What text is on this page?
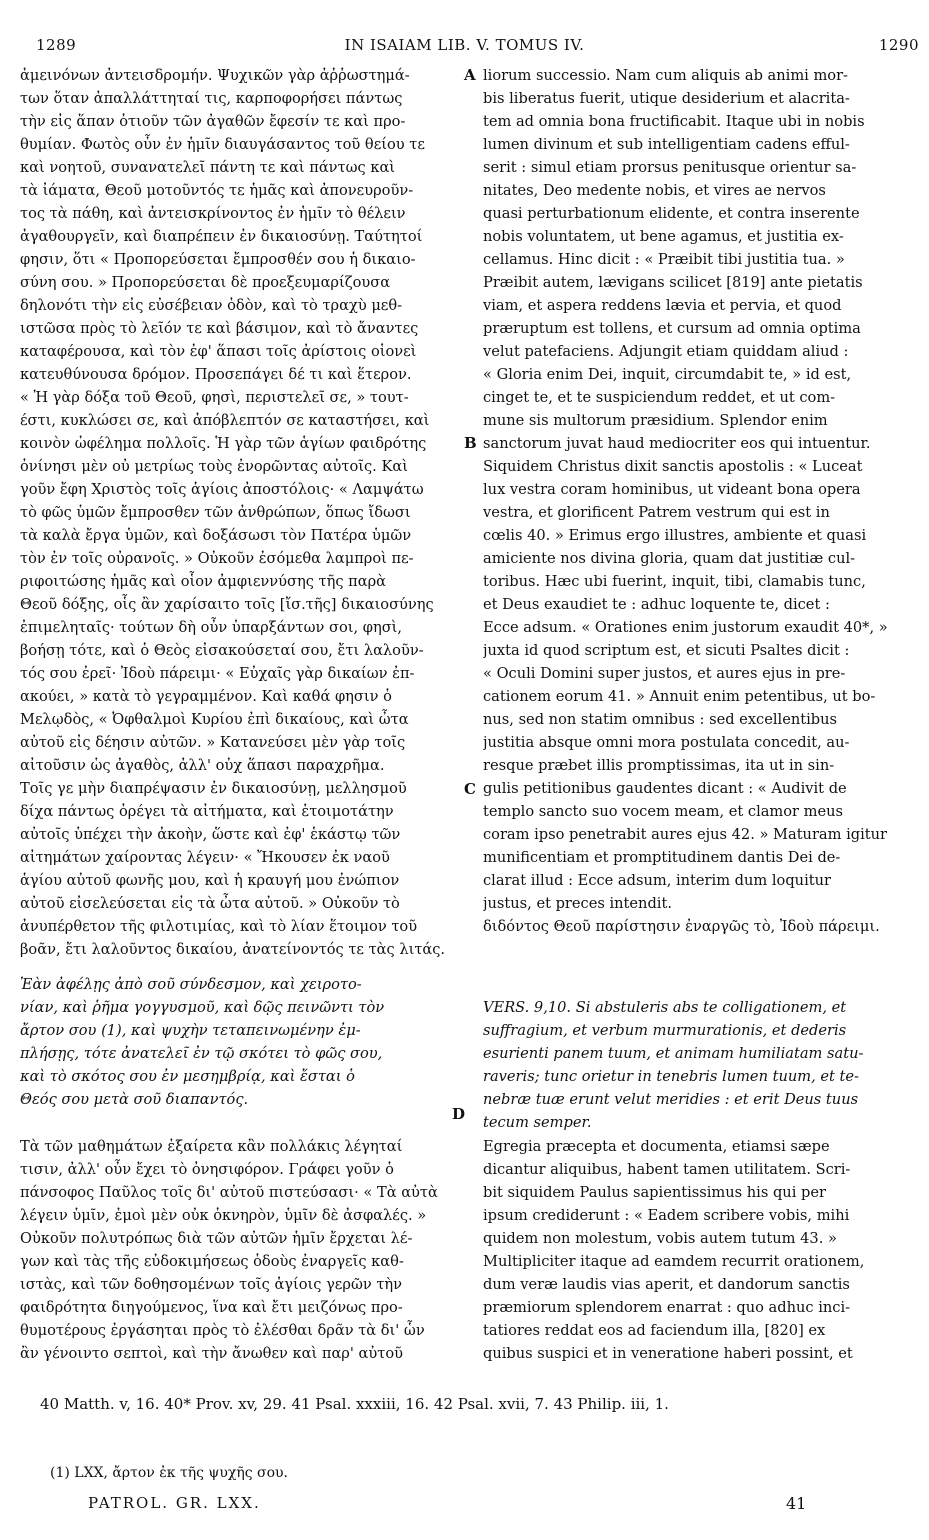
1289	IN ISAIAM LIB. V. TOMUS IV.	1290
A
B
C
D
ἀμεινόνων ἀντεισδρομήν. Ψυχικῶν γὰρ ἀῤῥωστημά-
των ὅταν ἀπαλλάττηταί τις, καρποφορήσει πάντως
τὴν εἰς ἅπαν ὁτιοῦν τῶν ἀγαθῶν ἔφεσίν τε καὶ προ-
θυμίαν. Φωτὸς οὖν ἐν ἡμῖν διαυγάσαντος τοῦ θείου τε
καὶ νοητοῦ, συνανατελεῖ πάντη τε καὶ πάντως καὶ
τὰ ἰάματα, Θεοῦ μοτοῦντός τε ἡμᾶς καὶ ἀπονευροῦν-
τος τὰ πάθη, καὶ ἀντεισκρίνοντος ἐν ἡμῖν τὸ θέλειν
ἀγαθουργεῖν, καὶ διαπρέπειν ἐν δικαιοσύνῃ. Ταύτητοί
φησιν, ὅτι « Προπορεύσεται ἔμπροσθέν σου ἡ δικαιο-
σύνη σου. » Προπορεύσεται δὲ προεξευμαρίζουσα
δηλονότι τὴν εἰς εὐσέβειαν ὁδὸν, καὶ τὸ τραχὺ μεθ-
ιστῶσα πρὸς τὸ λεῖόν τε καὶ βάσιμον, καὶ τὸ ἄναντες
καταφέρουσα, καὶ τὸν ἐφ' ἅπασι τοῖς ἀρίστοις οἱονεὶ
κατευθύνουσα δρόμον. Προσεπάγει δέ τι καὶ ἕτερον.
« Ἡ γὰρ δόξα τοῦ Θεοῦ, φησὶ, περιστελεῖ σε, » τουτ-
έστι, κυκλώσει σε, καὶ ἀπόβλεπτόν σε καταστήσει, καὶ
κοινὸν ὠφέλημα πολλοῖς. Ἡ γὰρ τῶν ἁγίων φαιδρότης
ὀνίνησι μὲν οὐ μετρίως τοὺς ἐνορῶντας αὐτοῖς. Καὶ
γοῦν ἔφη Χριστὸς τοῖς ἁγίοις ἀποστόλοις· « Λαμψάτω
τὸ φῶς ὑμῶν ἔμπροσθεν τῶν ἀνθρώπων, ὅπως ἴδωσι
τὰ καλὰ ἔργα ὑμῶν, καὶ δοξάσωσι τὸν Πατέρα ὑμῶν
τὸν ἐν τοῖς οὐρανοῖς. » Οὐκοῦν ἐσόμεθα λαμπροὶ πε-
ριφοιτώσης ἡμᾶς καὶ οἷον ἀμφιεννύσης τῆς παρὰ
Θεοῦ δόξης, οἷς ἂν χαρίσαιτο τοῖς [ἴσ.τῆς] δικαιοσύνης
ἐπιμεληταῖς· τούτων δὴ οὖν ὑπαρξάντων σοι, φησὶ,
βοήσῃ τότε, καὶ ὁ Θεὸς εἰσακούσεταί σου, ἔτι λαλοῦν-
τός σου ἐρεῖ· Ἰδοὺ πάρειμι· « Εὐχαῖς γὰρ δικαίων ἐπ-
ακούει, » κατὰ τὸ γεγραμμένον. Καὶ καθά φησιν ὁ
Μελῳδὸς, « Ὀφθαλμοὶ Κυρίου ἐπὶ δικαίους, καὶ ὦτα
αὐτοῦ εἰς δέησιν αὐτῶν. » Κατανεύσει μὲν γὰρ τοῖς
αἰτοῦσιν ὡς ἀγαθὸς, ἀλλ' οὐχ ἅπασι παραχρῆμα.
Τοῖς γε μὴν διαπρέψασιν ἐν δικαιοσύνῃ, μελλησμοῦ
δίχα πάντως ὀρέγει τὰ αἰτήματα, καὶ ἑτοιμοτάτην
αὐτοῖς ὑπέχει τὴν ἀκοὴν, ὥστε καὶ ἐφ' ἑκάστῳ τῶν
αἰτημάτων χαίροντας λέγειν· « Ἤκουσεν ἐκ ναοῦ
ἁγίου αὐτοῦ φωνῆς μου, καὶ ἡ κραυγή μου ἐνώπιον
αὐτοῦ εἰσελεύσεται εἰς τὰ ὦτα αὐτοῦ. » Οὐκοῦν τὸ
ἀνυπέρθετον τῆς φιλοτιμίας, καὶ τὸ λίαν ἕτοιμον τοῦ
liorum successio. Nam cum aliquis ab animi mor-
bis liberatus fuerit, utique desiderium et alacrita-
tem ad omnia bona fructificabit. Itaque ubi in nobis
lumen divinum et sub intelligentiam cadens efful-
serit : simul etiam prorsus penitusque orientur sa-
nitates, Deo medente nobis, et vires ae nervos
quasi perturbationum elidente, et contra inserente
nobis voluntatem, ut bene agamus, et justitia ex-
cellamus. Hinc dicit : « Præibit tibi justitia tua. »
Præibit autem, lævigans scilicet [819] ante pietatis
viam, et aspera reddens lævia et pervia, et quod
præruptum est tollens, et cursum ad omnia optima
velut patefaciens. Adjungit etiam quiddam aliud :
« Gloria enim Dei, inquit, circumdabit te, » id est,
cinget te, et te suspiciendum reddet, et ut com-
mune sis multorum præsidium. Splendor enim
sanctorum juvat haud mediocriter eos qui intuentur.
Siquidem Christus dixit sanctis apostolis : « Luceat
lux vestra coram hominibus, ut videant bona opera
vestra, et glorificent Patrem vestrum qui est in
cœlis 40. » Erimus ergo illustres, ambiente et quasi
amiciente nos divina gloria, quam dat justitiæ cul-
toribus. Hæc ubi fuerint, inquit, tibi, clamabis tunc,
et Deus exaudiet te : adhuc loquente te, dicet :
Ecce adsum. « Orationes enim justorum exaudit 40*, »
juxta id quod scriptum est, et sicuti Psaltes dicit :
« Oculi Domini super justos, et aures ejus in pre-
cationem eorum 41. » Annuit enim petentibus, ut bo-
nus, sed non statim omnibus : sed excellentibus
justitia absque omni mora postulata concedit, au-
resque præbet illis promptissimas, ita ut in sin-
gulis petitionibus gaudentes dicant : « Audivit de
templo sancto suo vocem meam, et clamor meus
coram ipso penetrabit aures ejus 42. » Maturam igitur
munificentiam et promptitudinem dantis Dei de-
clarat illud : Ecce adsum, interim dum loquitur
justus, et preces intendit.
βοᾶν, ἔτι λαλοῦντος δικαίου, ἀνατείνοντός τε τὰς λιτάς.
διδόντος Θεοῦ παρίστησιν ἐναργῶς τὸ, Ἰδοὺ πάρειμι.
Ἐὰν ἀφέλῃς ἀπὸ σοῦ σύνδεσμον, καὶ χειροτο-
νίαν, καὶ ῥῆμα γογγυσμοῦ, καὶ δῷς πεινῶντι τὸν
ἄρτον σου (1), καὶ ψυχὴν τεταπεινωμένην ἐμ-
πλήσῃς, τότε ἀνατελεῖ ἐν τῷ σκότει τὸ φῶς σου,
καὶ τὸ σκότος σου ἐν μεσημβρίᾳ, καὶ ἔσται ὁ
Θεός σου μετὰ σοῦ διαπαντός.
VERS. 9,10. Si abstuleris abs te colligationem, et
suffragium, et verbum murmurationis, et dederis
esurienti panem tuum, et animam humiliatam satu-
raveris; tunc orietur in tenebris lumen tuum, et te-
nebræ tuæ erunt velut meridies : et erit Deus tuus
tecum semper.
Τὰ τῶν μαθημάτων ἐξαίρετα κἂν πολλάκις λέγηταί
τισιν, ἀλλ' οὖν ἔχει τὸ ὀνησιφόρον. Γράφει γοῦν ὁ
πάνσοφος Παῦλος τοῖς δι' αὐτοῦ πιστεύσασι· « Τὰ αὐτὰ
λέγειν ὑμῖν, ἐμοὶ μὲν οὐκ ὀκνηρὸν, ὑμῖν δὲ ἀσφαλές. »
Οὐκοῦν πολυτρόπως διὰ τῶν αὐτῶν ἡμῖν ἔρχεται λέ-
γων καὶ τὰς τῆς εὐδοκιμήσεως ὁδοὺς ἐναργεῖς καθ-
ιστὰς, καὶ τῶν δοθησομένων τοῖς ἁγίοις γερῶν τὴν
φαιδρότητα διηγούμενος, ἵνα καὶ ἔτι μειζόνως προ-
θυμοτέρους ἐργάσηται πρὸς τὸ ἐλέσθαι δρᾶν τὰ δι' ὧν
ἂν γένοιντο σεπτοὶ, καὶ τὴν ἄνωθεν καὶ παρ' αὐτοῦ
Egregia præcepta et documenta, etiamsi sæpe
dicantur aliquibus, habent tamen utilitatem. Scri-
bit siquidem Paulus sapientissimus his qui per
ipsum crediderunt : « Eadem scribere vobis, mihi
quidem non molestum, vobis autem tutum 43. »
Multipliciter itaque ad eamdem recurrit orationem,
dum veræ laudis vias aperit, et dandorum sanctis
præmiorum splendorem enarrat : quo adhuc inci-
tatiores reddat eos ad faciendum illa, [820] ex
quibus suspici et in veneratione haberi possint, et
40 Matth. v, 16. 40* Prov. xv, 29. 41 Psal. xxxiii, 16. 42 Psal. xvii, 7. 43 Philip. iii, 1.
(1) LXX, ἄρτον ἐκ τῆς ψυχῆς σου.
PATROL. GR. LXX.	41
